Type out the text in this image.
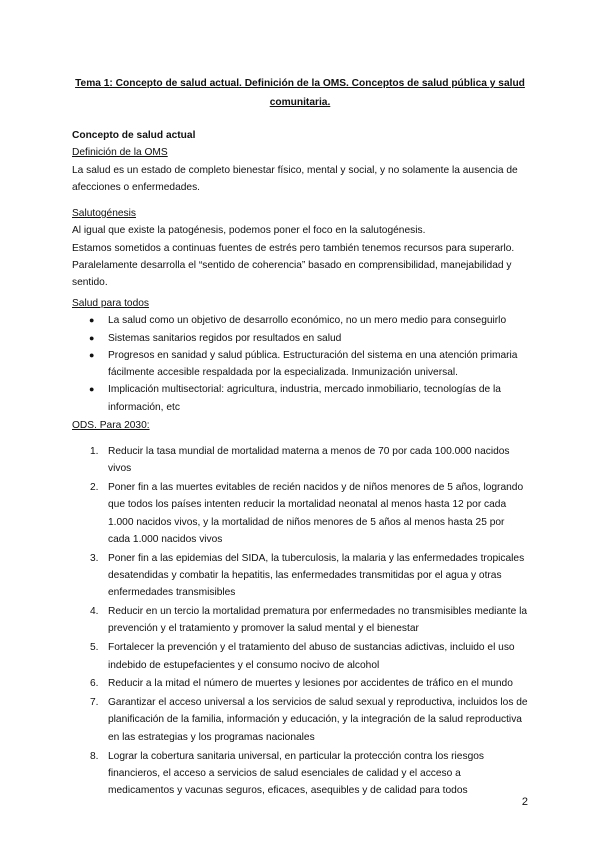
Tema 1: Concepto de salud actual. Definición de la OMS. Conceptos de salud pública y salud comunitaria.

Concepto de salud actual

Definición de la OMS

La salud es un estado de completo bienestar físico, mental y social, y no solamente la ausencia de afecciones o enfermedades.

Salutogénesis

Al igual que existe la patogénesis, podemos poner el foco en la salutogénesis.

Estamos sometidos a continuas fuentes de estrés pero también tenemos recursos para superarlo.

Paralelamente desarrolla el “sentido de coherencia” basado en comprensibilidad, manejabilidad y sentido.

Salud para todos

● La salud como un objetivo de desarrollo económico, no un mero medio para conseguirlo
● Sistemas sanitarios regidos por resultados en salud
● Progresos en sanidad y salud pública. Estructuración del sistema en una atención primaria fácilmente accesible respaldada por la especializada. Inmunización universal.
● Implicación multisectorial: agricultura, industria, mercado inmobiliario, tecnologías de la información, etc

ODS. Para 2030:

1. Reducir la tasa mundial de mortalidad materna a menos de 70 por cada 100.000 nacidos vivos
2. Poner fin a las muertes evitables de recién nacidos y de niños menores de 5 años, logrando que todos los países intenten reducir la mortalidad neonatal al menos hasta 12 por cada 1.000 nacidos vivos, y la mortalidad de niños menores de 5 años al menos hasta 25 por cada 1.000 nacidos vivos
3. Poner fin a las epidemias del SIDA, la tuberculosis, la malaria y las enfermedades tropicales desatendidas y combatir la hepatitis, las enfermedades transmitidas por el agua y otras enfermedades transmisibles
4. Reducir en un tercio la mortalidad prematura por enfermedades no transmisibles mediante la prevención y el tratamiento y promover la salud mental y el bienestar
5. Fortalecer la prevención y el tratamiento del abuso de sustancias adictivas, incluido el uso indebido de estupefacientes y el consumo nocivo de alcohol
6. Reducir a la mitad el número de muertes y lesiones por accidentes de tráfico en el mundo
7. Garantizar el acceso universal a los servicios de salud sexual y reproductiva, incluidos los de planificación de la familia, información y educación, y la integración de la salud reproductiva en las estrategias y los programas nacionales
8. Lograr la cobertura sanitaria universal, en particular la protección contra los riesgos financieros, el acceso a servicios de salud esenciales de calidad y el acceso a medicamentos y vacunas seguros, eficaces, asequibles y de calidad para todos
2
